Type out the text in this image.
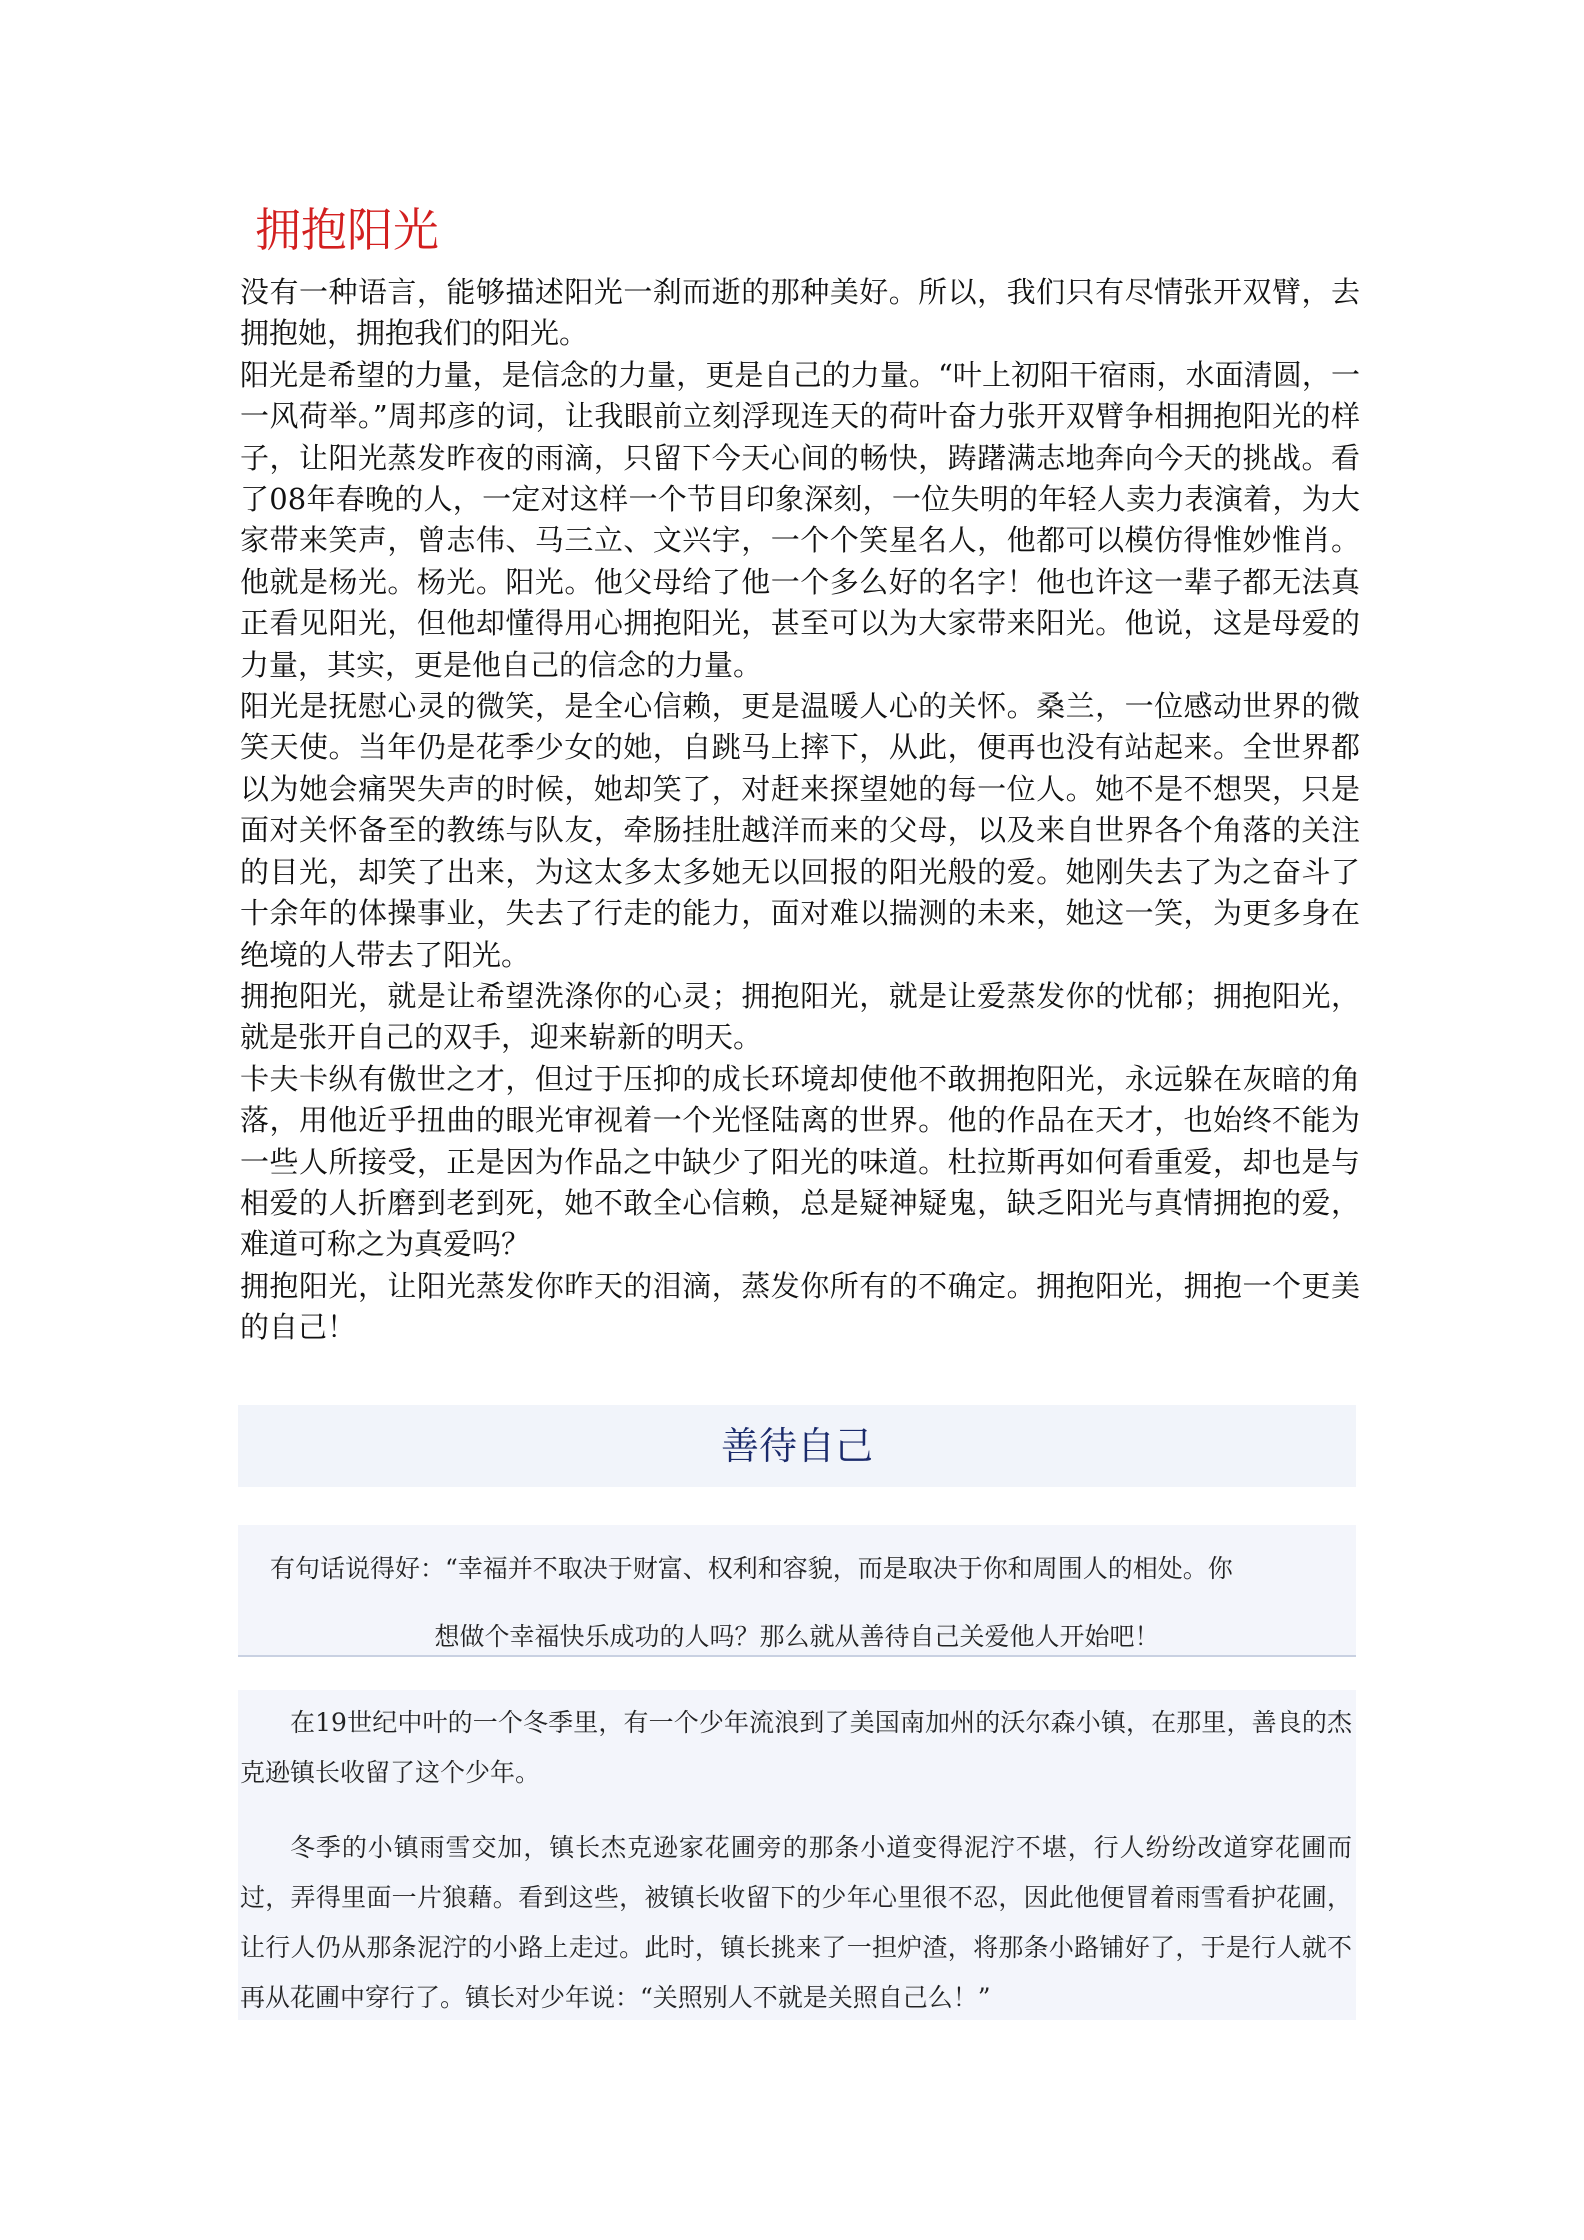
拥抱阳光

没有一种语言，能够描述阳光一刹而逝的那种美好。所以，我们只有尽情张开双臂，去拥抱她，拥抱我们的阳光。

阳光是希望的力量，是信念的力量，更是自己的力量。“叶上初阳干宿雨，水面清圆，一一风荷举。”周邦彦的词，让我眼前立刻浮现连天的荷叶奋力张开双臂争相拥抱阳光的样子，让阳光蒸发昨夜的雨滴，只留下今天心间的畅快，踌躇满志地奔向今天的挑战。看了08年春晚的人，一定对这样一个节目印象深刻，一位失明的年轻人卖力表演着，为大家带来笑声，曾志伟、马三立、文兴宇，一个个笑星名人，他都可以模仿得惟妙惟肖。他就是杨光。杨光。阳光。他父母给了他一个多么好的名字！他也许这一辈子都无法真正看见阳光，但他却懂得用心拥抱阳光，甚至可以为大家带来阳光。他说，这是母爱的力量，其实，更是他自己的信念的力量。

阳光是抚慰心灵的微笑，是全心信赖，更是温暖人心的关怀。桑兰，一位感动世界的微笑天使。当年仍是花季少女的她，自跳马上摔下，从此，便再也没有站起来。全世界都以为她会痛哭失声的时候，她却笑了，对赶来探望她的每一位人。她不是不想哭，只是面对关怀备至的教练与队友，牵肠挂肚越洋而来的父母，以及来自世界各个角落的关注的目光，却笑了出来，为这太多太多她无以回报的阳光般的爱。她刚失去了为之奋斗了十余年的体操事业，失去了行走的能力，面对难以揣测的未来，她这一笑，为更多身在绝境的人带去了阳光。

拥抱阳光，就是让希望洗涤你的心灵；拥抱阳光，就是让爱蒸发你的忧郁；拥抱阳光，就是张开自己的双手，迎来崭新的明天。

卡夫卡纵有傲世之才，但过于压抑的成长环境却使他不敢拥抱阳光，永远躲在灰暗的角落，用他近乎扭曲的眼光审视着一个光怪陆离的世界。他的作品在天才，也始终不能为一些人所接受，正是因为作品之中缺少了阳光的味道。杜拉斯再如何看重爱，却也是与相爱的人折磨到老到死，她不敢全心信赖，总是疑神疑鬼，缺乏阳光与真情拥抱的爱，难道可称之为真爱吗？

拥抱阳光，让阳光蒸发你昨天的泪滴，蒸发你所有的不确定。拥抱阳光，拥抱一个更美的自己！

善待自己
有句话说得好：“幸福并不取决于财富、权利和容貌，而是取决于你和周围人的相处。你
想做个幸福快乐成功的人吗？那么就从善待自己关爱他人开始吧！

在19世纪中叶的一个冬季里，有一个少年流浪到了美国南加州的沃尔森小镇，在那里，善良的杰克逊镇长收留了这个少年。

冬季的小镇雨雪交加，镇长杰克逊家花圃旁的那条小道变得泥泞不堪，行人纷纷改道穿花圃而过，弄得里面一片狼藉。看到这些，被镇长收留下的少年心里很不忍，因此他便冒着雨雪看护花圃，让行人仍从那条泥泞的小路上走过。此时，镇长挑来了一担炉渣，将那条小路铺好了，于是行人就不再从花圃中穿行了。镇长对少年说：“关照别人不就是关照自己么！”
